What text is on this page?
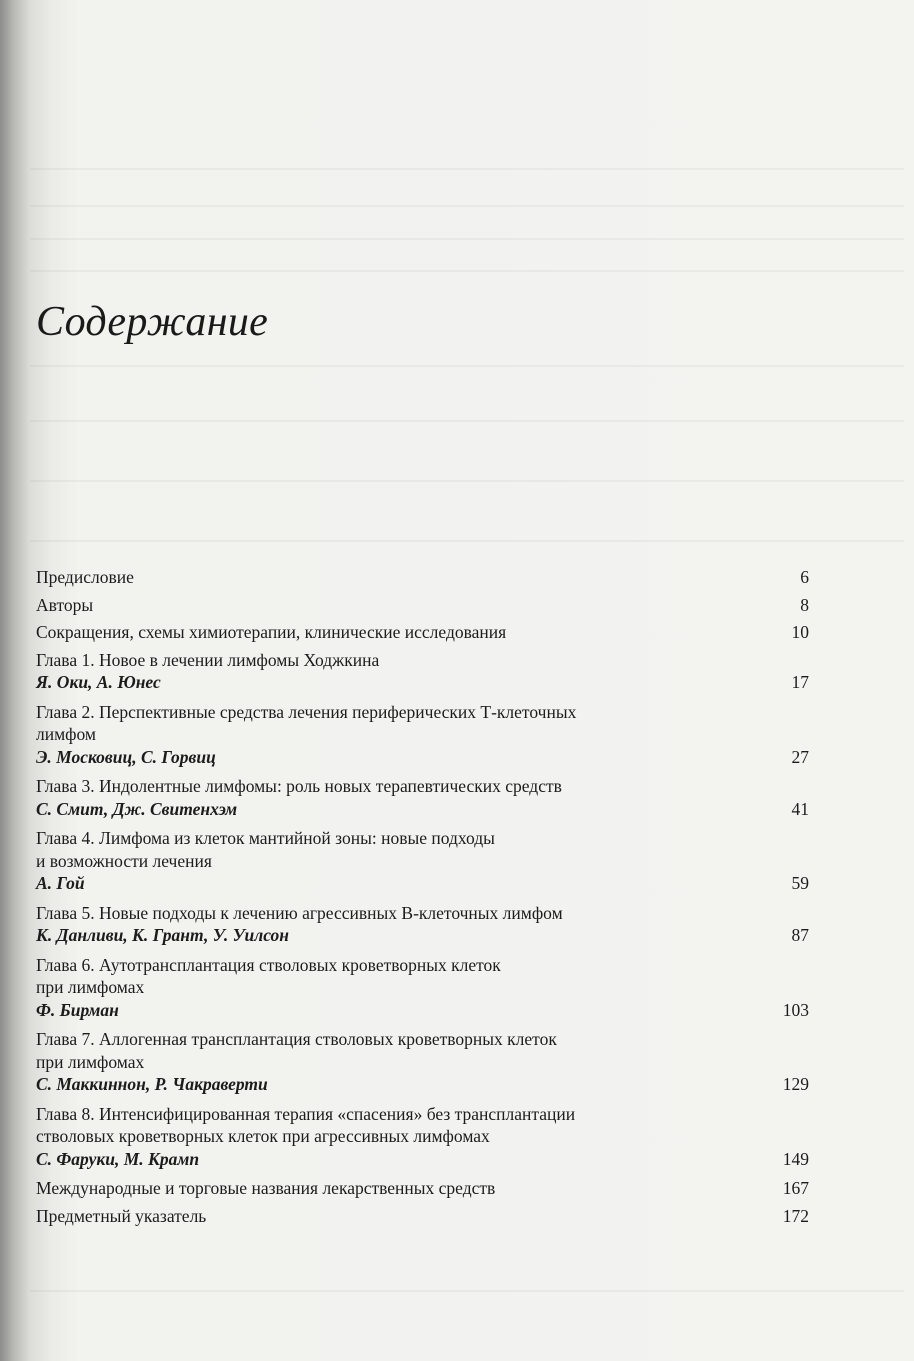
Содержание
Предисловие	6
Авторы	8
Сокращения, схемы химиотерапии, клинические исследования	10
Глава 1. Новое в лечении лимфомы Ходжкина
Я. Оки, А. Юнес	17
Глава 2. Перспективные средства лечения периферических Т-клеточных
лимфом
Э. Московиц, С. Горвиц	27
Глава 3. Индолентные лимфомы: роль новых терапевтических средств
С. Смит, Дж. Свитенхэм	41
Глава 4. Лимфома из клеток мантийной зоны: новые подходы
и возможности лечения
А. Гой	59
Глава 5. Новые подходы к лечению агрессивных В-клеточных лимфом
К. Данливи, К. Грант, У. Уилсон	87
Глава 6. Аутотрансплантация стволовых кроветворных клеток
при лимфомах
Ф. Бирман	103
Глава 7. Аллогенная трансплантация стволовых кроветворных клеток
при лимфомах
С. Маккиннон, Р. Чакраверти	129
Глава 8. Интенсифицированная терапия «спасения» без трансплантации
стволовых кроветворных клеток при агрессивных лимфомах
С. Фаруки, М. Крамп	149
Международные и торговые названия лекарственных средств	167
Предметный указатель	172
